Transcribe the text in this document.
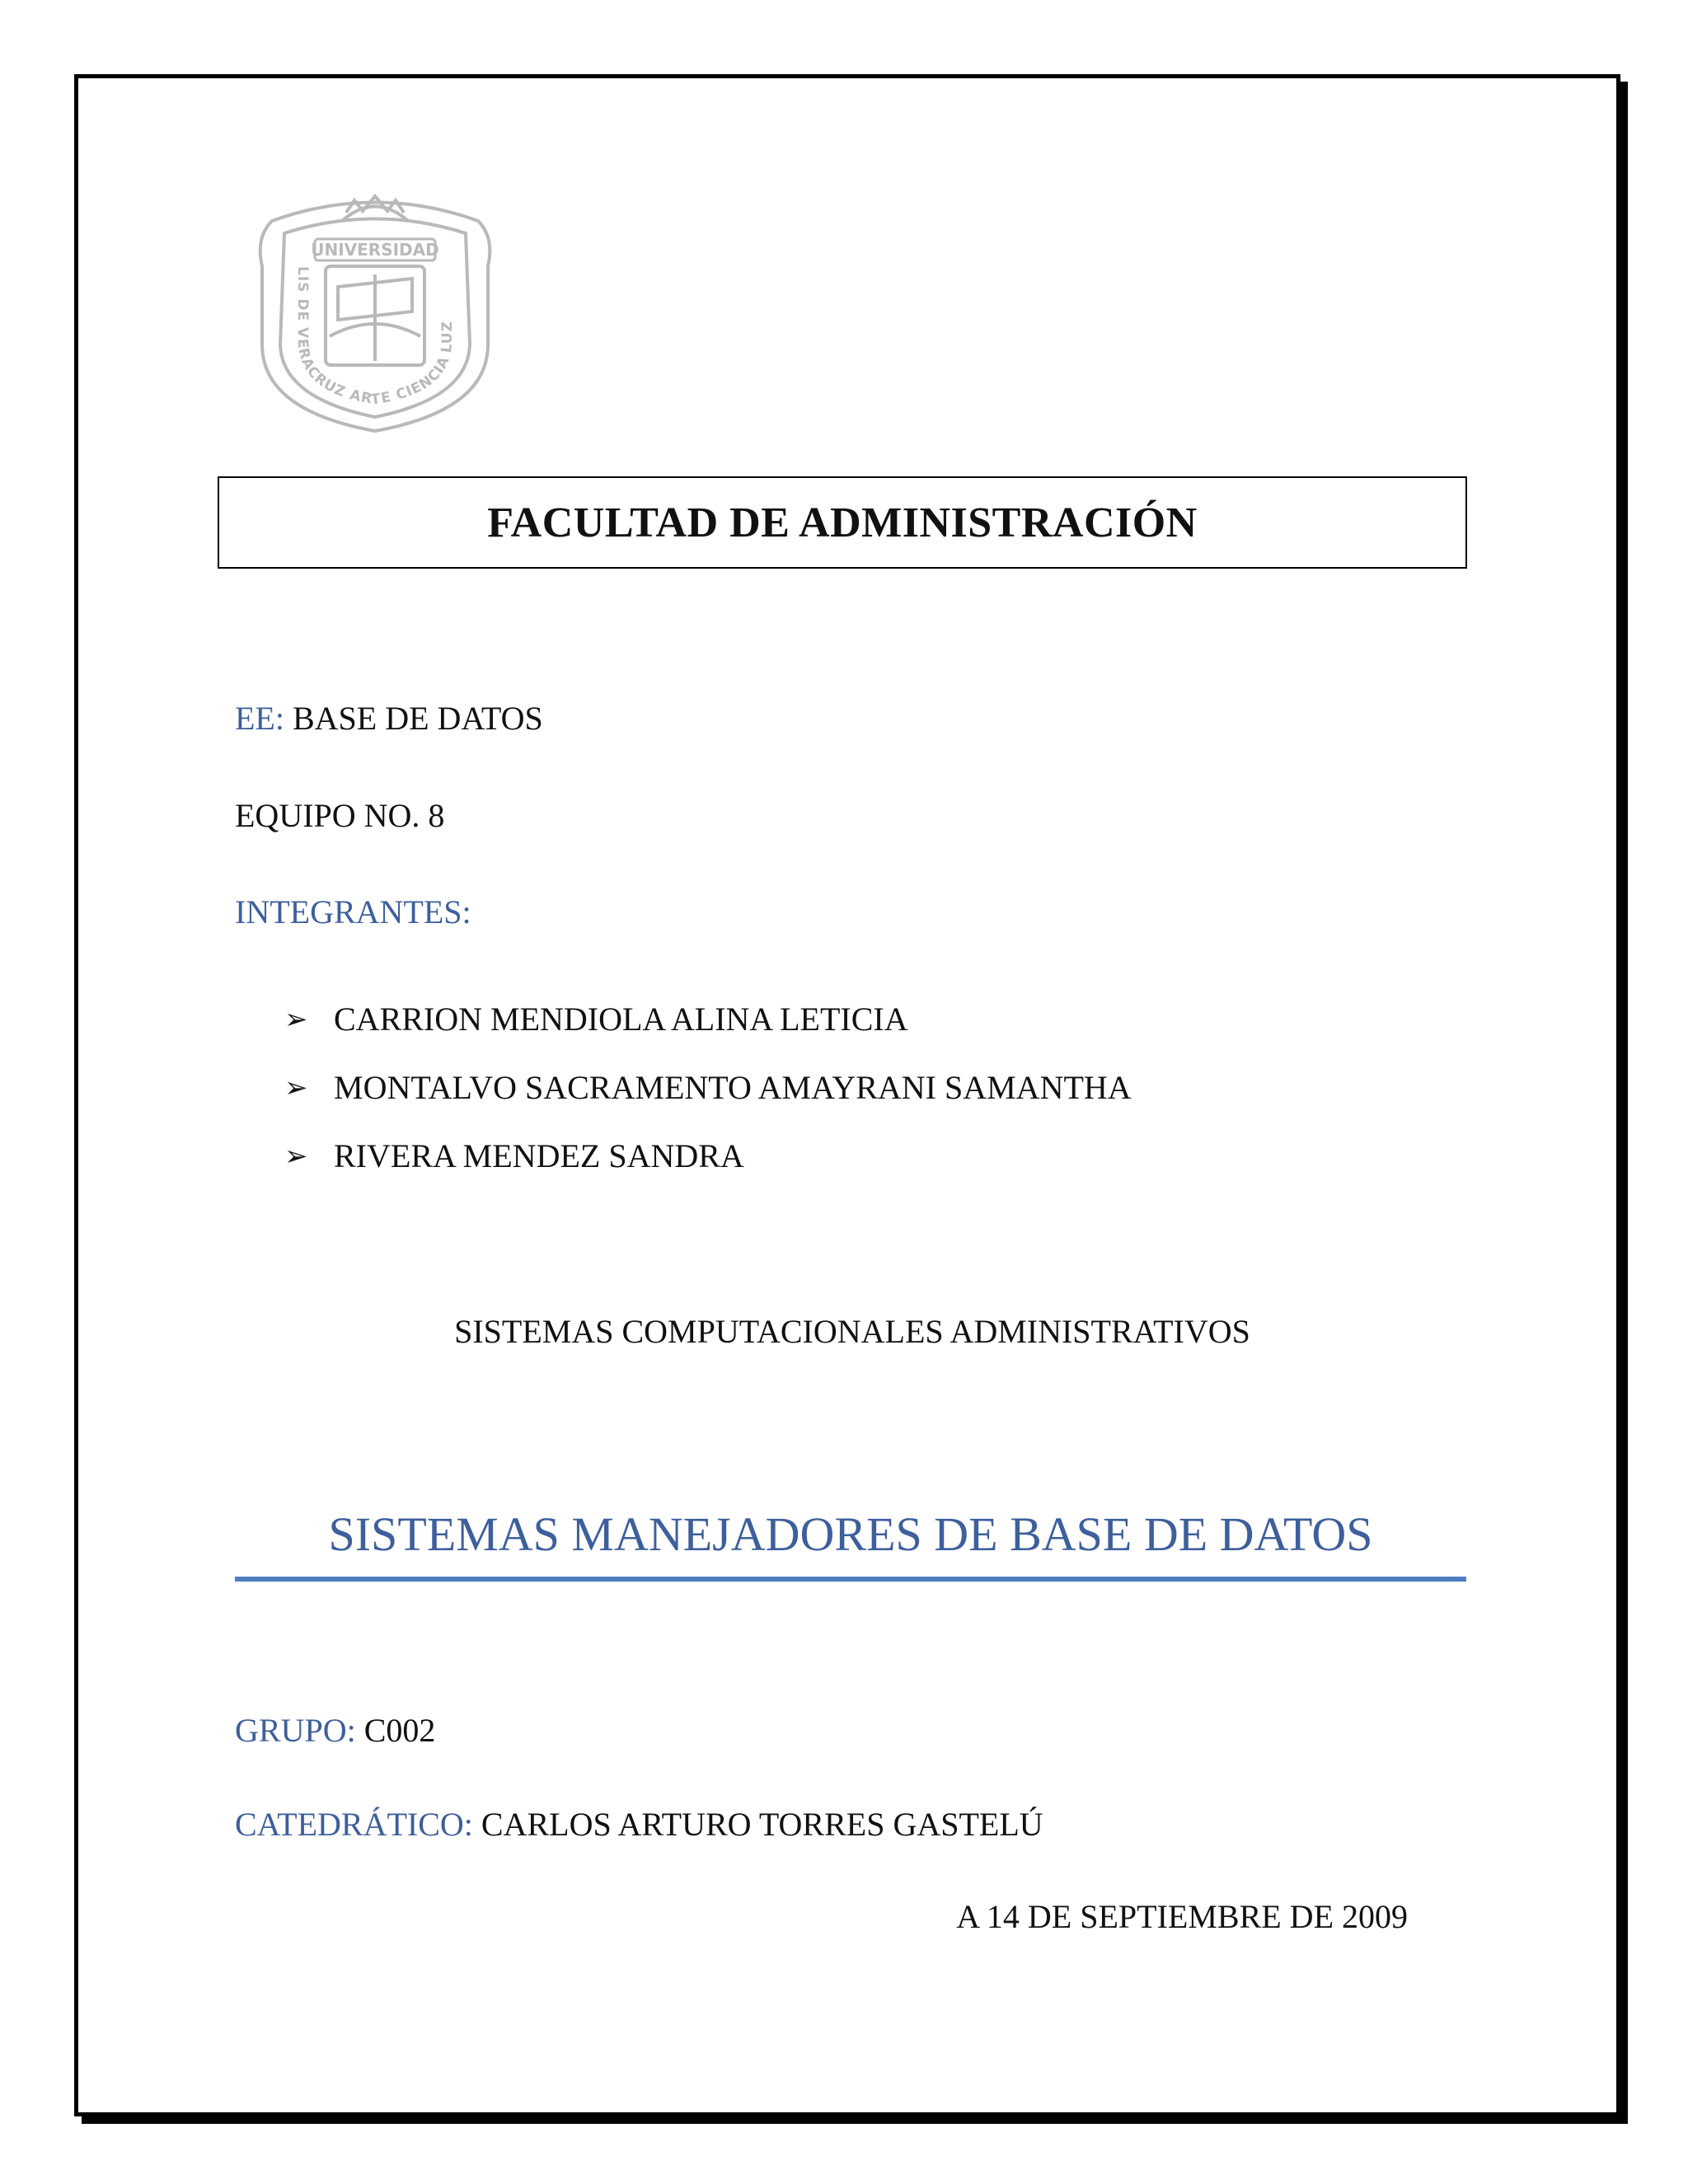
UNIVERSIDAD
LIS DE VERACRUZ ARTE CIENCIA LUZ
FACULTAD DE ADMINISTRACIÓN
EE: BASE DE DATOS
EQUIPO NO. 8
INTEGRANTES:
➢ CARRION MENDIOLA ALINA LETICIA
➢ MONTALVO SACRAMENTO AMAYRANI SAMANTHA
➢ RIVERA MENDEZ SANDRA
SISTEMAS COMPUTACIONALES ADMINISTRATIVOS
SISTEMAS MANEJADORES DE BASE DE DATOS
GRUPO: C002
CATEDRÁTICO: CARLOS ARTURO TORRES GASTELÚ
A 14 DE SEPTIEMBRE DE 2009
